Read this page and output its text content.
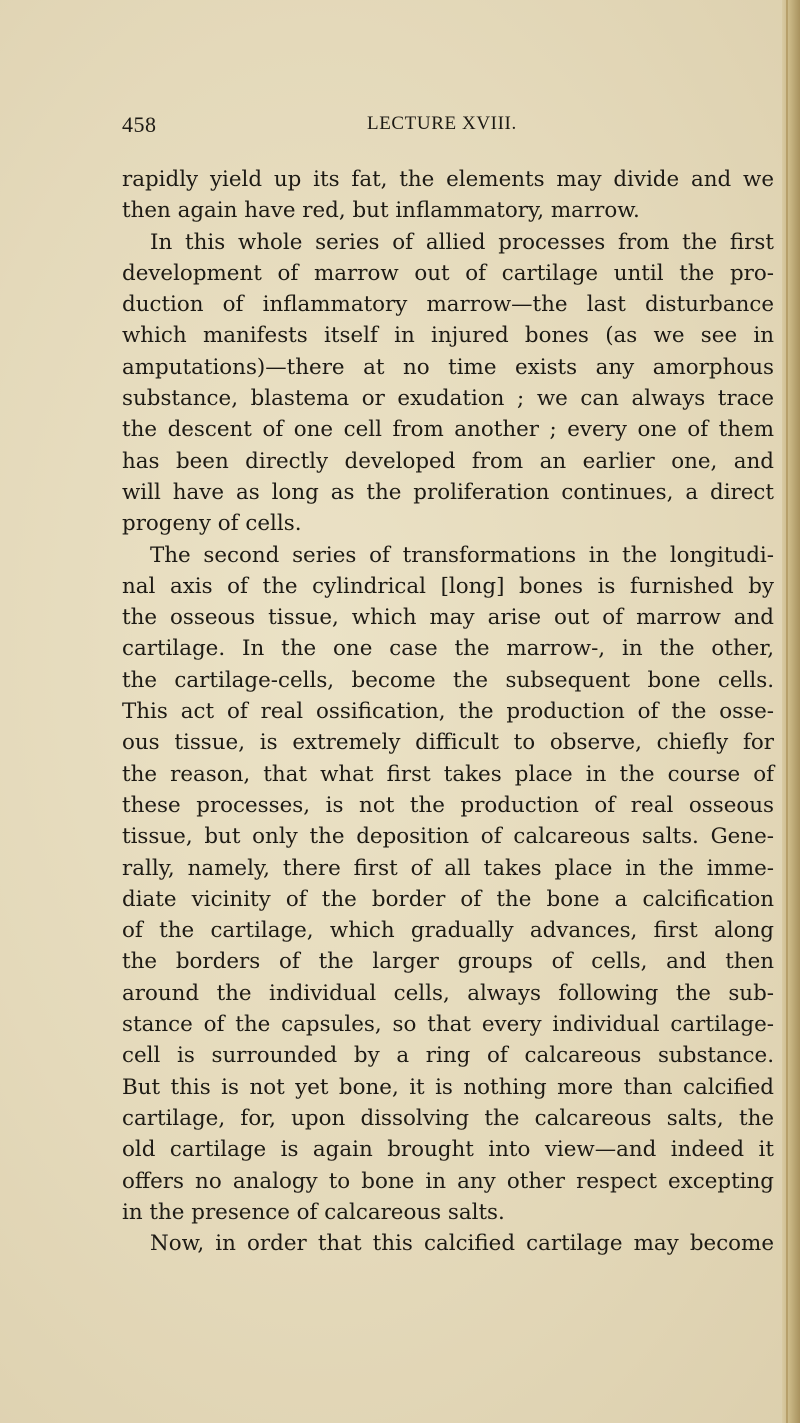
458	LECTURE XVIII.
rapidly yield up its fat, the elements may divide and we
then again have red, but inflammatory, marrow.
In this whole series of allied processes from the first
development of marrow out of cartilage until the pro-
duction of inflammatory marrow—the last disturbance
which manifests itself in injured bones (as we see in
amputations)—there at no time exists any amorphous
substance, blastema or exudation ; we can always trace
the descent of one cell from another ; every one of them
has been directly developed from an earlier one, and
will have as long as the proliferation continues, a direct
progeny of cells.
The second series of transformations in the longitudi-
nal axis of the cylindrical [long] bones is furnished by
the osseous tissue, which may arise out of marrow and
cartilage. In the one case the marrow-, in the other,
the cartilage-cells, become the subsequent bone cells.
This act of real ossification, the production of the osse-
ous tissue, is extremely difficult to observe, chiefly for
the reason, that what first takes place in the course of
these processes, is not the production of real osseous
tissue, but only the deposition of calcareous salts. Gene-
rally, namely, there first of all takes place in the imme-
diate vicinity of the border of the bone a calcification
of the cartilage, which gradually advances, first along
the borders of the larger groups of cells, and then
around the individual cells, always following the sub-
stance of the capsules, so that every individual cartilage-
cell is surrounded by a ring of calcareous substance.
But this is not yet bone, it is nothing more than calcified
cartilage, for, upon dissolving the calcareous salts, the
old cartilage is again brought into view—and indeed it
offers no analogy to bone in any other respect excepting
in the presence of calcareous salts.
Now, in order that this calcified cartilage may become
